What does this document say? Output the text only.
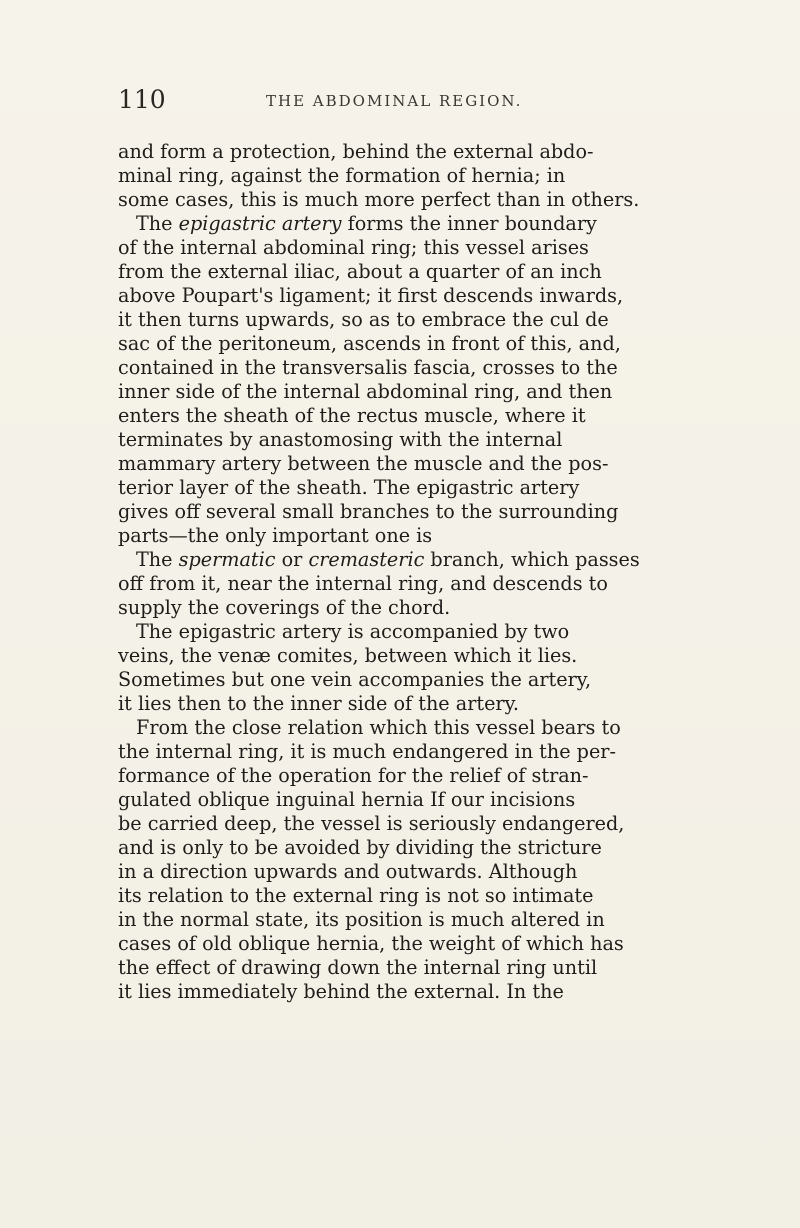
110	THE ABDOMINAL REGION.
and form a protection, behind the external abdo-
minal ring, against the formation of hernia; in
some cases, this is much more perfect than in others.
The epigastric artery forms the inner boundary
of the internal abdominal ring; this vessel arises
from the external iliac, about a quarter of an inch
above Poupart's ligament; it first descends inwards,
it then turns upwards, so as to embrace the cul de
sac of the peritoneum, ascends in front of this, and,
contained in the transversalis fascia, crosses to the
inner side of the internal abdominal ring, and then
enters the sheath of the rectus muscle, where it
terminates by anastomosing with the internal
mammary artery between the muscle and the pos-
terior layer of the sheath. The epigastric artery
gives off several small branches to the surrounding
parts—the only important one is
The spermatic or cremasteric branch, which passes
off from it, near the internal ring, and descends to
supply the coverings of the chord.
The epigastric artery is accompanied by two
veins, the venæ comites, between which it lies.
Sometimes but one vein accompanies the artery,
it lies then to the inner side of the artery.
From the close relation which this vessel bears to
the internal ring, it is much endangered in the per-
formance of the operation for the relief of stran-
gulated oblique inguinal hernia If our incisions
be carried deep, the vessel is seriously endangered,
and is only to be avoided by dividing the stricture
in a direction upwards and outwards. Although
its relation to the external ring is not so intimate
in the normal state, its position is much altered in
cases of old oblique hernia, the weight of which has
the effect of drawing down the internal ring until
it lies immediately behind the external. In the
